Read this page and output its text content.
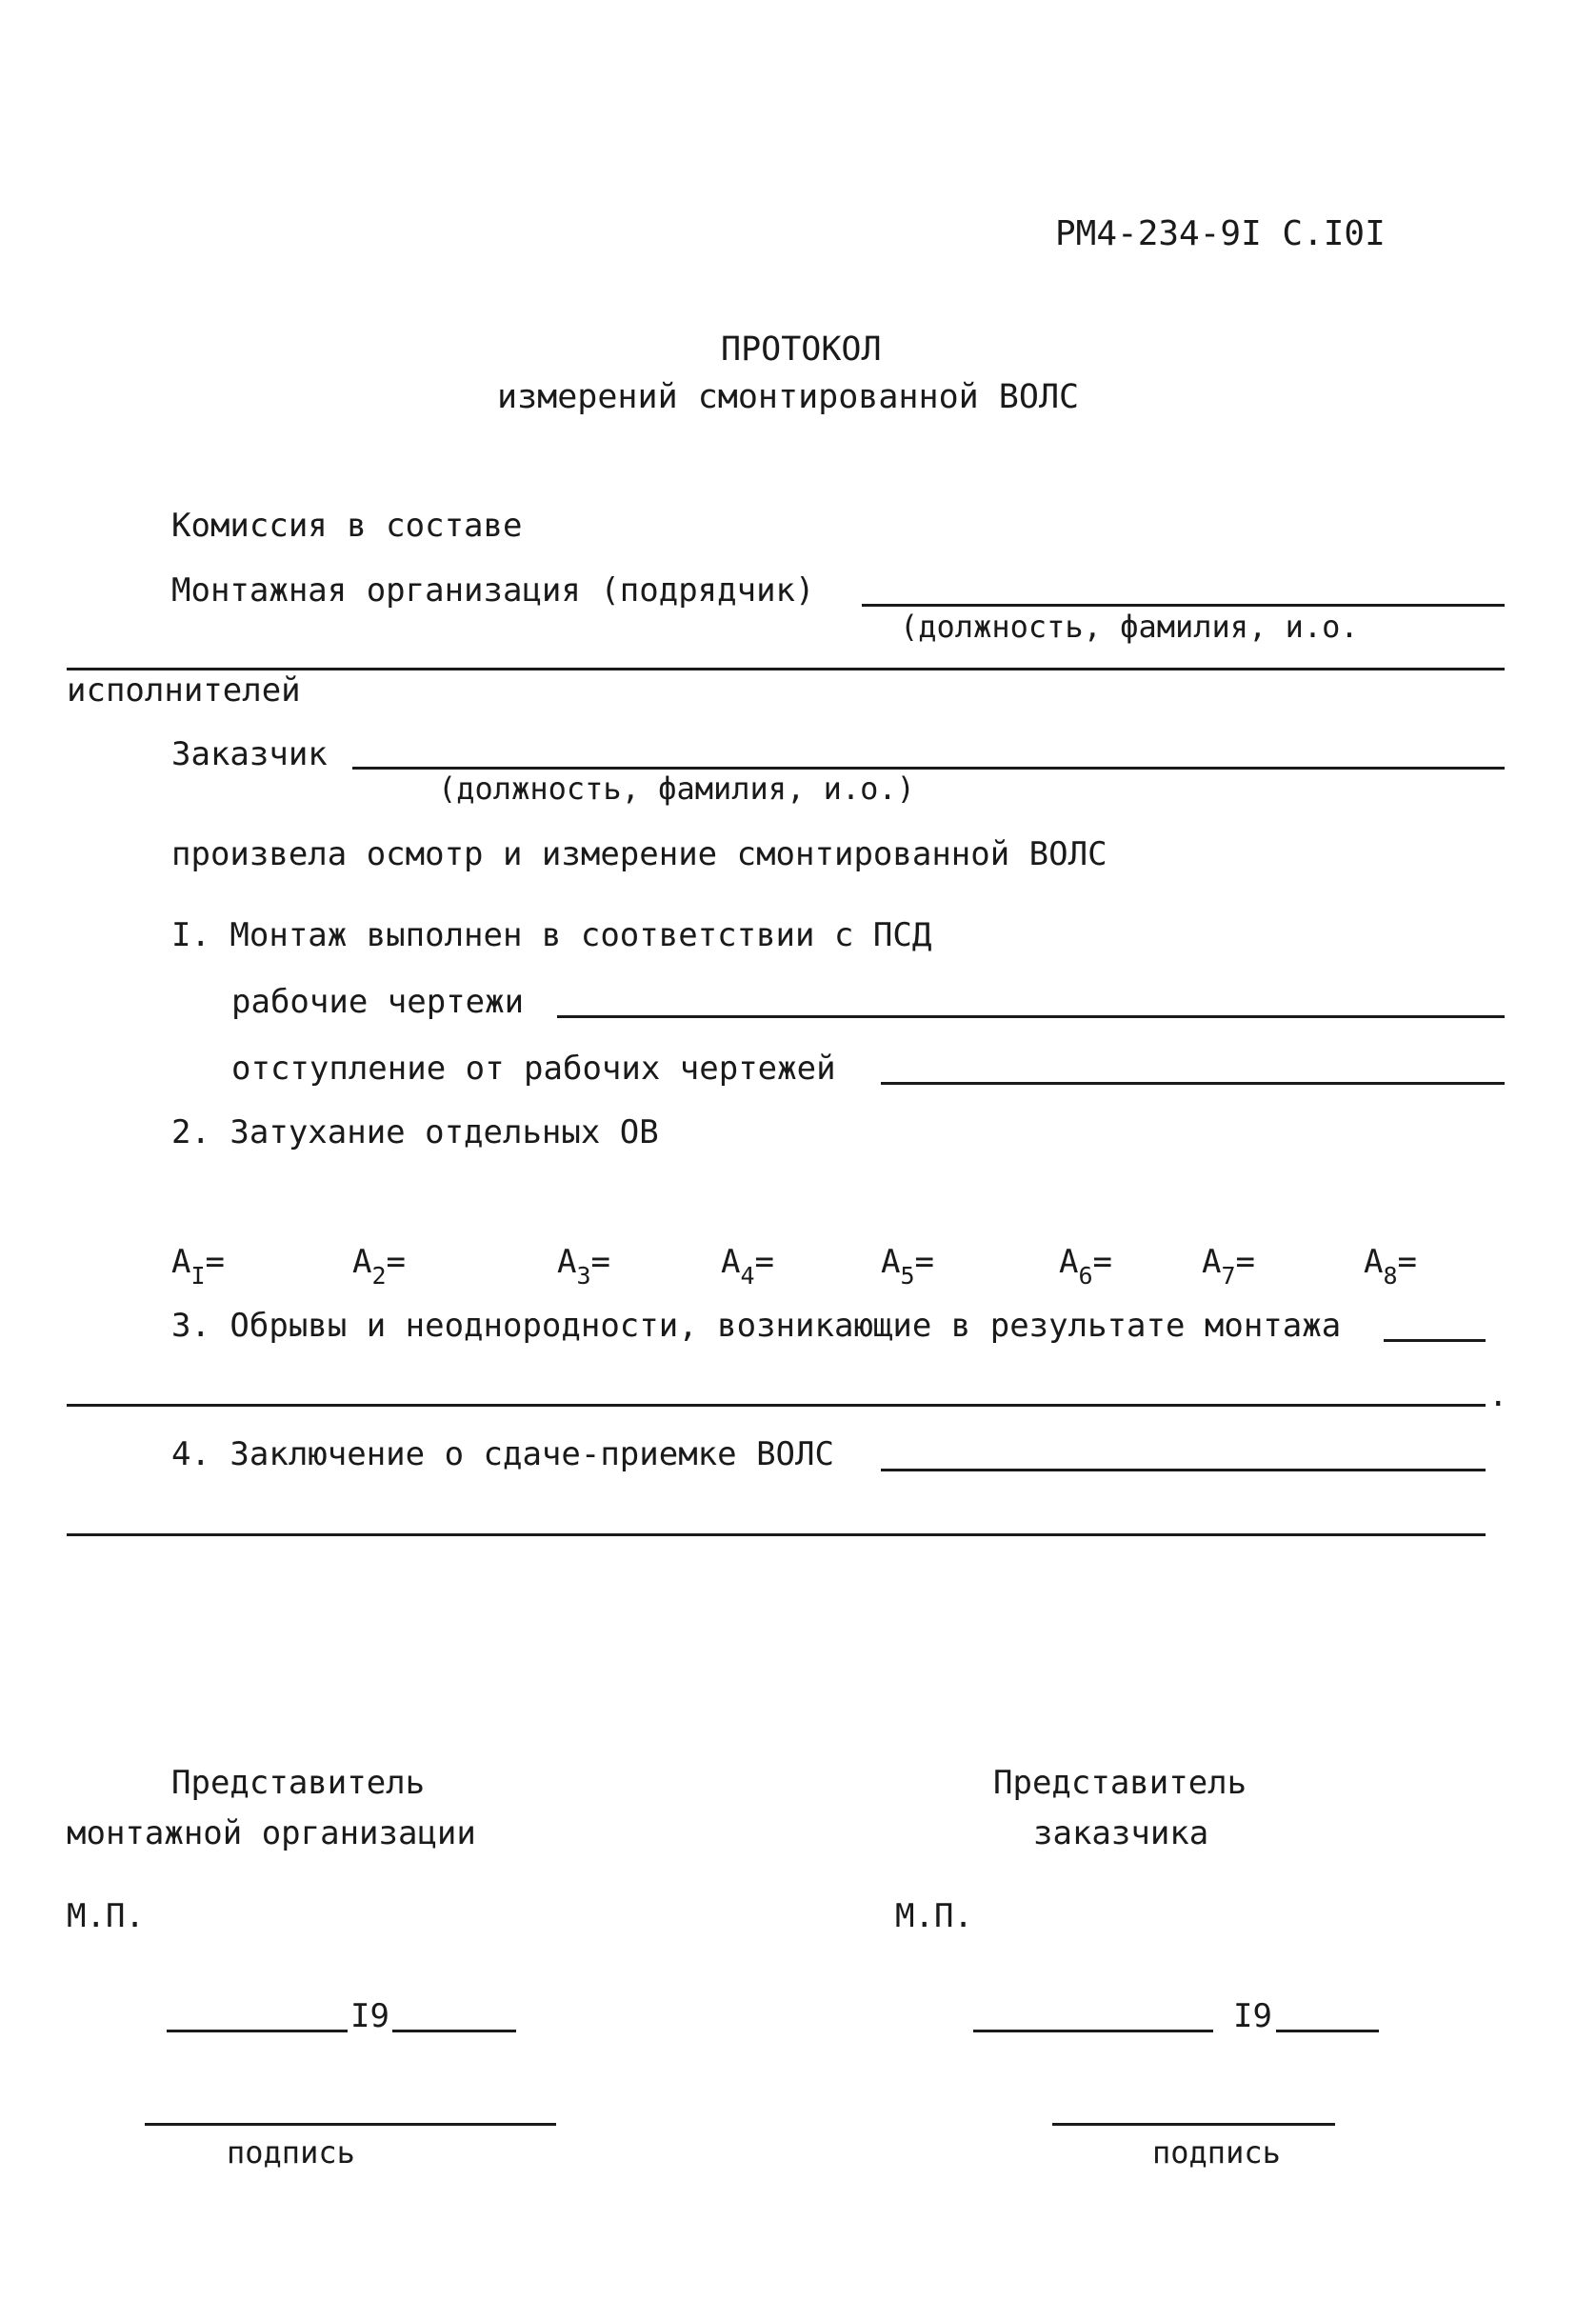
РМ4-234-9I С.I0I
ПРОТОКОЛ
измерений смонтированной ВОЛС
Комиссия в составе
Монтажная организация (подрядчик)
(должность, фамилия, и.о.
исполнителей
Заказчик
(должность, фамилия, и.о.)
произвела осмотр и измерение смонтированной ВОЛС
I. Монтаж выполнен в соответствии с ПСД
рабочие чертежи
отступление от рабочих чертежей
2. Затухание отдельных ОВ
$A_I=$	$A_2=$	$A_3=$	$A_4=$	$A_5=$	$A_6=$	$A_7=$	$A_8=$
3. Обрывы и неоднородности, возникающие в результате монтажа
.
4. Заключение о сдаче-приемке ВОЛС
Представитель
монтажной организации
М.П.
I9
подпись
Представитель
заказчика
М.П.
I9
подпись
